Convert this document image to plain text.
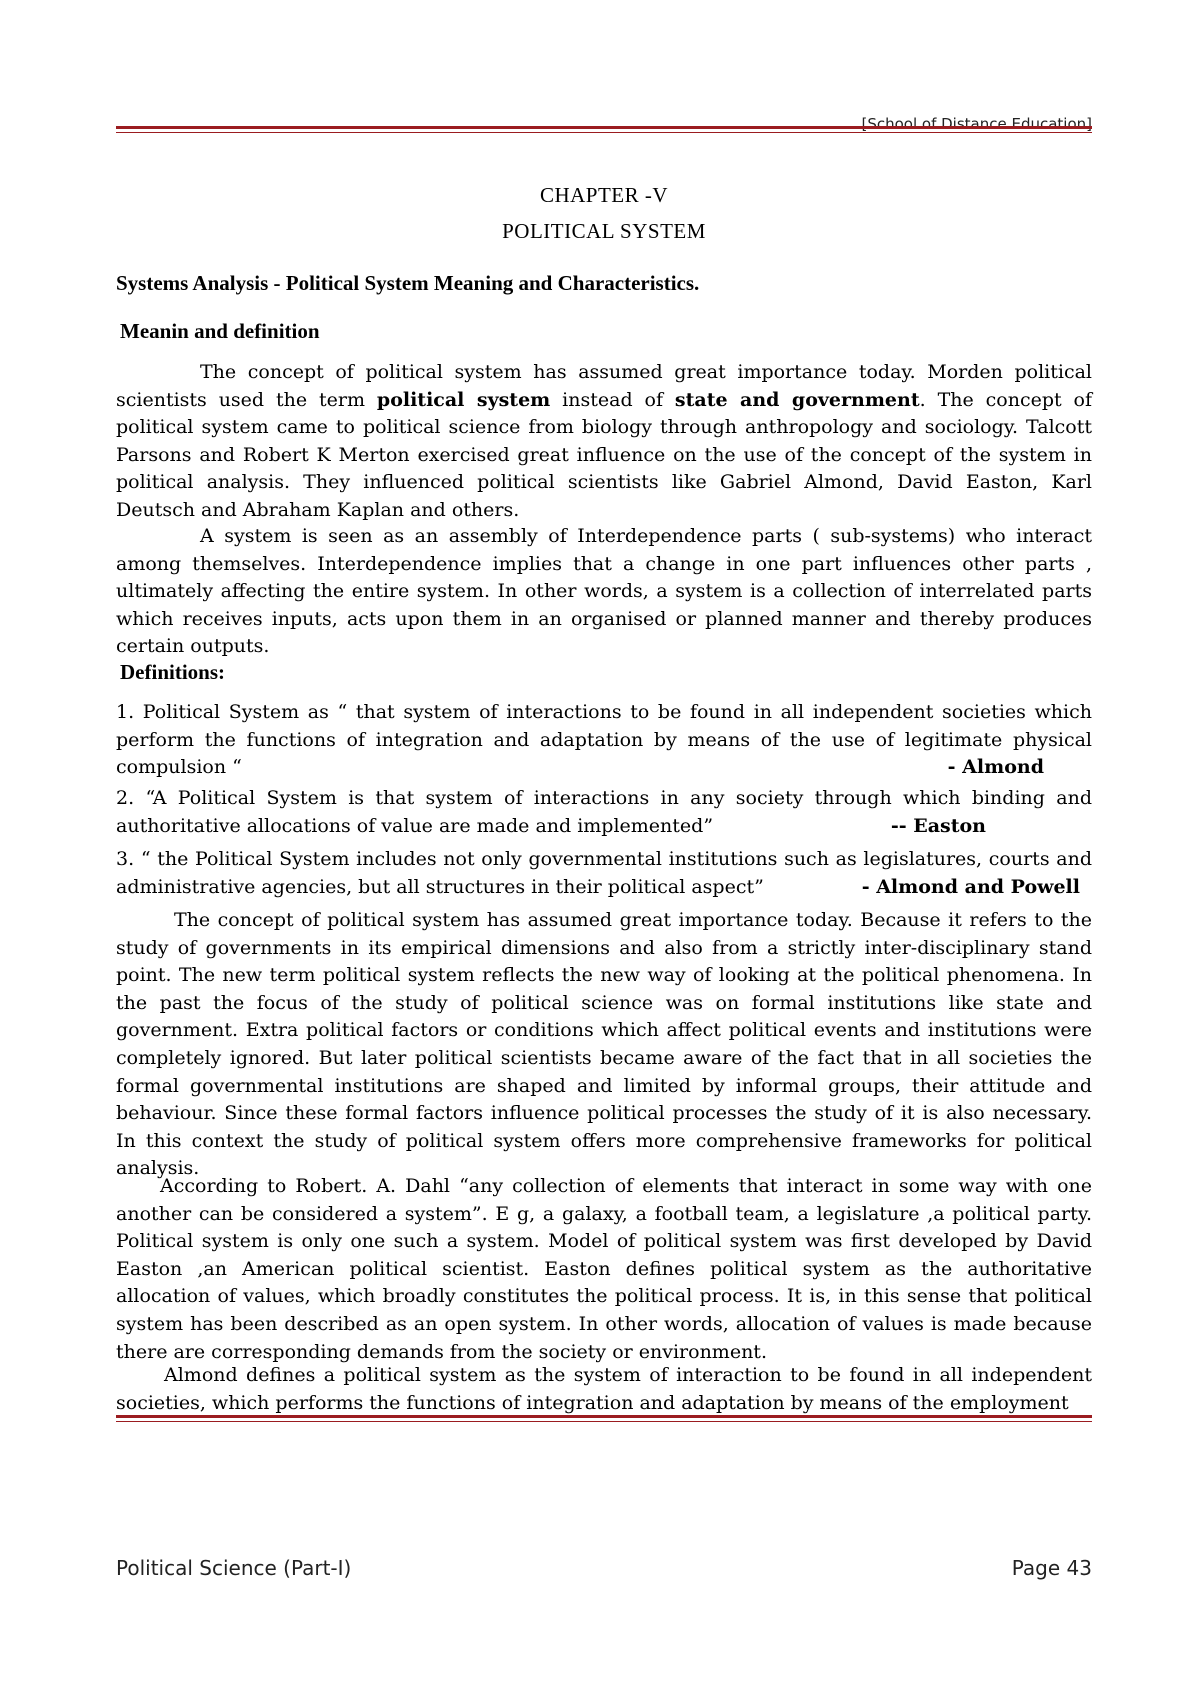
[School of Distance Education]
CHAPTER -V
POLITICAL SYSTEM
Systems Analysis - Political System Meaning and Characteristics.
Meanin and definition

The concept of political system has assumed great importance today. Morden political scientists used the term political system instead of state and government. The concept of political system came to political science from biology through anthropology and sociology. Talcott Parsons and Robert K Merton exercised great influence on the use of the concept of the system in political analysis. They influenced political scientists like Gabriel Almond, David Easton, Karl Deutsch and Abraham Kaplan and others.

A system is seen as an assembly of Interdependence parts ( sub-systems) who interact among themselves. Interdependence implies that a change in one part influences other parts , ultimately affecting the entire system. In other words, a system is a collection of interrelated parts which receives inputs, acts upon them in an organised or planned manner and thereby produces certain outputs.

Definitions:

1. Political System as “ that system of interactions to be found in all independent societies which perform the functions of integration and adaptation by means of the use of legitimate physical compulsion “	- Almond

2. “A Political System is that system of interactions in any society through which binding and authoritative allocations of value are made and implemented”	-- Easton

3. “ the Political System includes not only governmental institutions such as legislatures, courts and administrative agencies, but all structures in their political aspect”	- Almond and Powell

The concept of political system has assumed great importance today. Because it refers to the study of governments in its empirical dimensions and also from a strictly inter-disciplinary stand point. The new term political system reflects the new way of looking at the political phenomena. In the past the focus of the study of political science was on formal institutions like state and government. Extra political factors or conditions which affect political events and institutions were completely ignored. But later political scientists became aware of the fact that in all societies the formal governmental institutions are shaped and limited by informal groups, their attitude and behaviour. Since these formal factors influence political processes the study of it is also necessary. In this context the study of political system offers more comprehensive frameworks for political analysis.

According to Robert. A. Dahl “any collection of elements that interact in some way with one another can be considered a system”. E g, a galaxy, a football team, a legislature ,a political party. Political system is only one such a system. Model of political system was first developed by David Easton ,an American political scientist. Easton defines political system as the authoritative allocation of values, which broadly constitutes the political process. It is, in this sense that political system has been described as an open system. In other words, allocation of values is made because there are corresponding demands from the society or environment.

Almond defines a political system as the system of interaction to be found in all independent societies, which performs the functions of integration and adaptation by means of the employment

Political Science (Part-I)	Page 43
